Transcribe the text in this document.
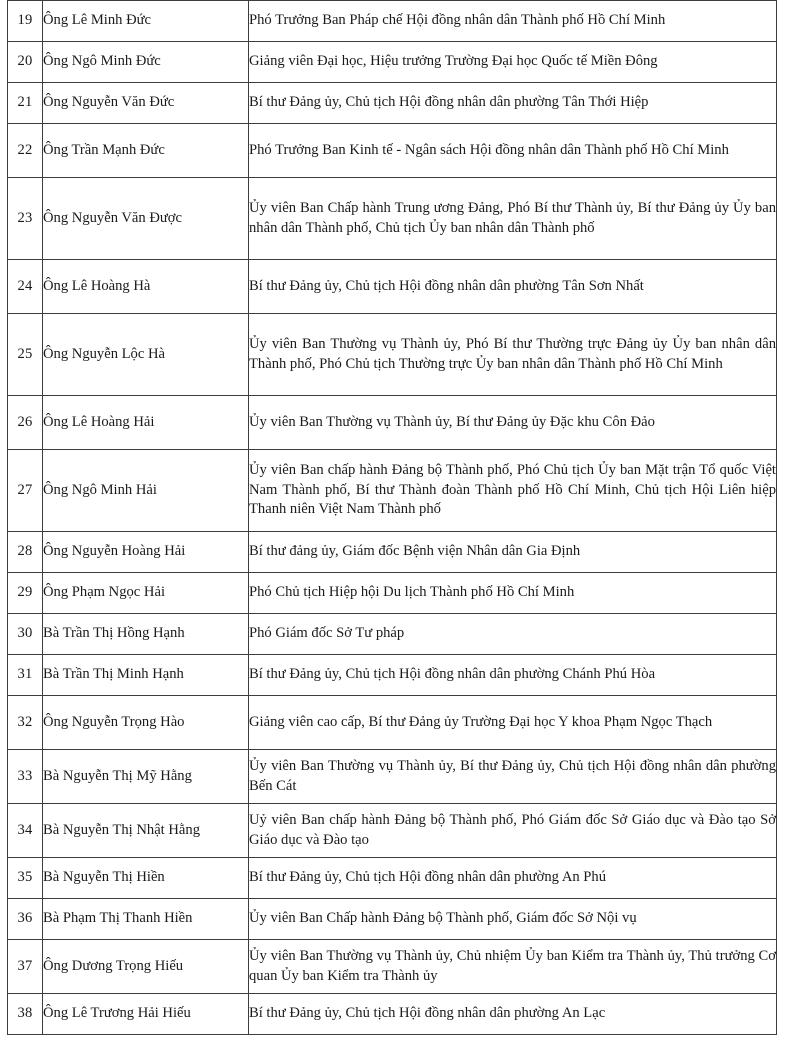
19	Ông Lê Minh Đức	Phó Trưởng Ban Pháp chế Hội đồng nhân dân Thành phố Hồ Chí Minh
20	Ông Ngô Minh Đức	Giảng viên Đại học, Hiệu trưởng Trường Đại học Quốc tế Miền Đông
21	Ông Nguyễn Văn Đức	Bí thư Đảng ủy, Chủ tịch Hội đồng nhân dân phường Tân Thới Hiệp
22	Ông Trần Mạnh Đức	Phó Trưởng Ban Kinh tế - Ngân sách Hội đồng nhân dân Thành phố Hồ Chí Minh
23	Ông Nguyễn Văn Được	Ủy viên Ban Chấp hành Trung ương Đảng, Phó Bí thư Thành ủy, Bí thư Đảng ủy Ủy ban nhân dân Thành phố, Chủ tịch Ủy ban nhân dân Thành phố
24	Ông Lê Hoàng Hà	Bí thư Đảng ủy, Chủ tịch Hội đồng nhân dân phường Tân Sơn Nhất
25	Ông Nguyễn Lộc Hà	Ủy viên Ban Thường vụ Thành ủy, Phó Bí thư Thường trực Đảng ủy Ủy ban nhân dân Thành phố, Phó Chủ tịch Thường trực Ủy ban nhân dân Thành phố Hồ Chí Minh
26	Ông Lê Hoàng Hải	Ủy viên Ban Thường vụ Thành ủy, Bí thư Đảng ủy Đặc khu Côn Đảo
27	Ông Ngô Minh Hải	Ủy viên Ban chấp hành Đảng bộ Thành phố, Phó Chủ tịch Ủy ban Mặt trận Tổ quốc Việt Nam Thành phố, Bí thư Thành đoàn Thành phố Hồ Chí Minh, Chủ tịch Hội Liên hiệp Thanh niên Việt Nam Thành phố
28	Ông Nguyễn Hoàng Hải	Bí thư đảng ủy, Giám đốc Bệnh viện Nhân dân Gia Định
29	Ông Phạm Ngọc Hải	Phó Chủ tịch Hiệp hội Du lịch Thành phố Hồ Chí Minh
30	Bà Trần Thị Hồng Hạnh	Phó Giám đốc Sở Tư pháp
31	Bà Trần Thị Minh Hạnh	Bí thư Đảng ủy, Chủ tịch Hội đồng nhân dân phường Chánh Phú Hòa
32	Ông Nguyễn Trọng Hào	Giảng viên cao cấp, Bí thư Đảng ủy Trường Đại học Y khoa Phạm Ngọc Thạch
33	Bà Nguyễn Thị Mỹ Hằng	Ủy viên Ban Thường vụ Thành ủy, Bí thư Đảng ủy, Chủ tịch Hội đồng nhân dân phường Bến Cát
34	Bà Nguyễn Thị Nhật Hằng	Uỷ viên Ban chấp hành Đảng bộ Thành phố, Phó Giám đốc Sở Giáo dục và Đào tạo Sở Giáo dục và Đào tạo
35	Bà Nguyễn Thị Hiền	Bí thư Đảng ủy, Chủ tịch Hội đồng nhân dân phường An Phú
36	Bà Phạm Thị Thanh Hiền	Ủy viên Ban Chấp hành Đảng bộ Thành phố, Giám đốc Sở Nội vụ
37	Ông Dương Trọng Hiếu	Ủy viên Ban Thường vụ Thành ủy, Chủ nhiệm Ủy ban Kiểm tra Thành ủy, Thủ trưởng Cơ quan Ủy ban Kiểm tra Thành ủy
38	Ông Lê Trương Hải Hiếu	Bí thư Đảng ủy, Chủ tịch Hội đồng nhân dân phường An Lạc
